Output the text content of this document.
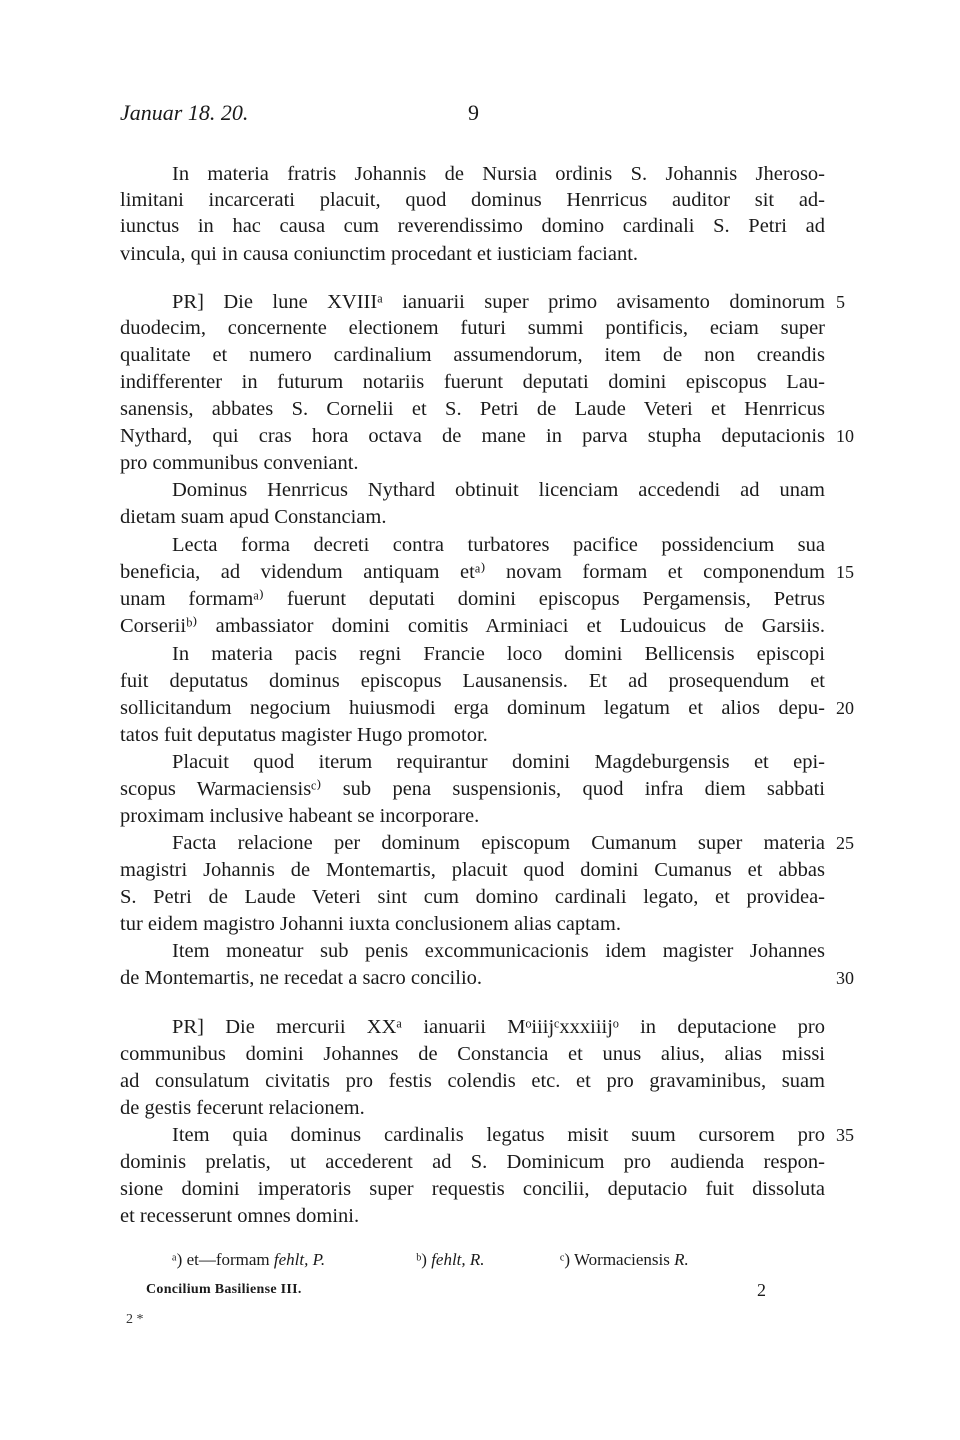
Januar 18. 20.	9
In materia fratris Johannis de Nursia ordinis S. Johannis Jheroso-
limitani incarcerati placuit, quod dominus Henrricus auditor sit ad-
iunctus in hac causa cum reverendissimo domino cardinali S. Petri ad
vincula, qui in causa coniunctim procedant et iusticiam faciant.
PR] Die lune XVIIIᵃ ianuarii super primo avisamento dominorum
duodecim, concernente electionem futuri summi pontificis, eciam super
qualitate et numero cardinalium assumendorum, item de non creandis
indifferenter in futurum notariis fuerunt deputati domini episcopus Lau-
sanensis, abbates S. Cornelii et S. Petri de Laude Veteri et Henrricus
Nythard, qui cras hora octava de mane in parva stupha deputacionis
pro communibus conveniant.
Dominus Henrricus Nythard obtinuit licenciam accedendi ad unam
dietam suam apud Constanciam.
Lecta forma decreti contra turbatores pacifice possidencium sua
beneficia, ad videndum antiquam etᵃ⁾ novam formam et componendum
unam formamᵃ⁾ fuerunt deputati domini episcopus Pergamensis, Petrus
Corseriiᵇ⁾ ambassiator domini comitis Arminiaci et Ludouicus de Garsiis.
In materia pacis regni Francie loco domini Bellicensis episcopi
fuit deputatus dominus episcopus Lausanensis. Et ad prosequendum et
sollicitandum negocium huiusmodi erga dominum legatum et alios depu-
tatos fuit deputatus magister Hugo promotor.
Placuit quod iterum requirantur domini Magdeburgensis et epi-
scopus Warmaciensisᶜ⁾ sub pena suspensionis, quod infra diem sabbati
proximam inclusive habeant se incorporare.
Facta relacione per dominum episcopum Cumanum super materia
magistri Johannis de Montemartis, placuit quod domini Cumanus et abbas
S. Petri de Laude Veteri sint cum domino cardinali legato, et providea-
tur eidem magistro Johanni iuxta conclusionem alias captam.
Item moneatur sub penis excommunicacionis idem magister Johannes
de Montemartis, ne recedat a sacro concilio.
PR] Die mercurii XXᵃ ianuarii Mᵒiiijᶜxxxiiijᵒ in deputacione pro
communibus domini Johannes de Constancia et unus alius, alias missi
ad consulatum civitatis pro festis colendis etc. et pro gravaminibus, suam
de gestis fecerunt relacionem.
Item quia dominus cardinalis legatus misit suum cursorem pro
dominis prelatis, ut accederent ad S. Dominicum pro audienda respon-
sione domini imperatoris super requestis concilii, deputacio fuit dissoluta
et recesserunt omnes domini.
5
10
15
20
25
30
35
ᵃ) et—formam fehlt, P.	ᵇ) fehlt, R.	ᶜ) Wormaciensis R.
Concilium Basiliense III.	2
2 *
